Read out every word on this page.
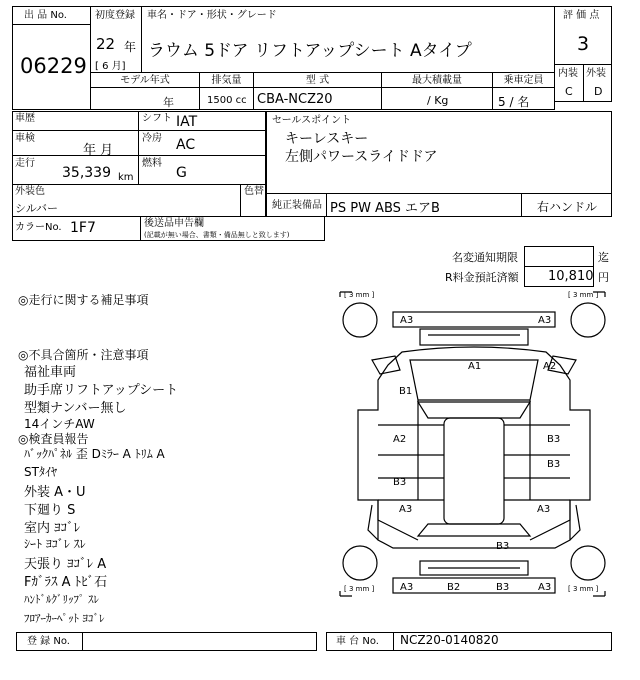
出 品 No.
06229
初度登録
22 年
[ 6 月]
車名・ドア・形状・グレード
ラウム 5ドア リフトアップシート Aタイプ
評 価 点
3
内装 外装
C D
モデル年式
年
排気量
1500 cc
型 式
CBA-NCZ20
最大積載量
/ Kg
乗車定員
5 / 名
車歴	シフト IAT
車検
年 月
冷房 AC
走行
35,339 km
燃料
G
外装色
シルバー
色替
カラーNo. 1F7	後送品申告欄
(記載が無い場合、書類・備品無しと致します)
セールスポイント
キーレスキー
左側パワースライドドア
純正装備品 PS PW ABS エアB	右ハンドル
名変通知期限	迄
R料金預託済額 10,810 円
◎走行に関する補足事項
◎不具合箇所・注意事項
福祉車両
助手席リフトアップシート
型類ナンバー無し
14インチAW
◎検査員報告
ﾊﾞｯｸﾊﾟﾈﾙ 歪 Dﾐﾗｰ A ﾄﾘﾑ A
STﾀｲﾔ
外装 A・U
下廻り S
室内 ﾖｺﾞﾚ
ｼｰﾄ ﾖｺﾞﾚ ｽﾚ
天張り ﾖｺﾞﾚ A
Fｶﾞﾗｽ A ﾄﾋﾞ石
ﾊﾝﾄﾞﾙｸﾞﾘｯﾌﾟ ｽﾚ
ﾌﾛｱｰｶｰﾍﾟｯﾄ ﾖｺﾞﾚ
[ 3 mm ]	[ 3 mm ]
[ 3 mm ]	[ 3 mm ]
A3	A3
A1	A2
B1
A2	B3
B3
B3
A3	A3
B3
A3	B2	B3	A3
登 録 No.	車 台 No. NCZ20-0140820
